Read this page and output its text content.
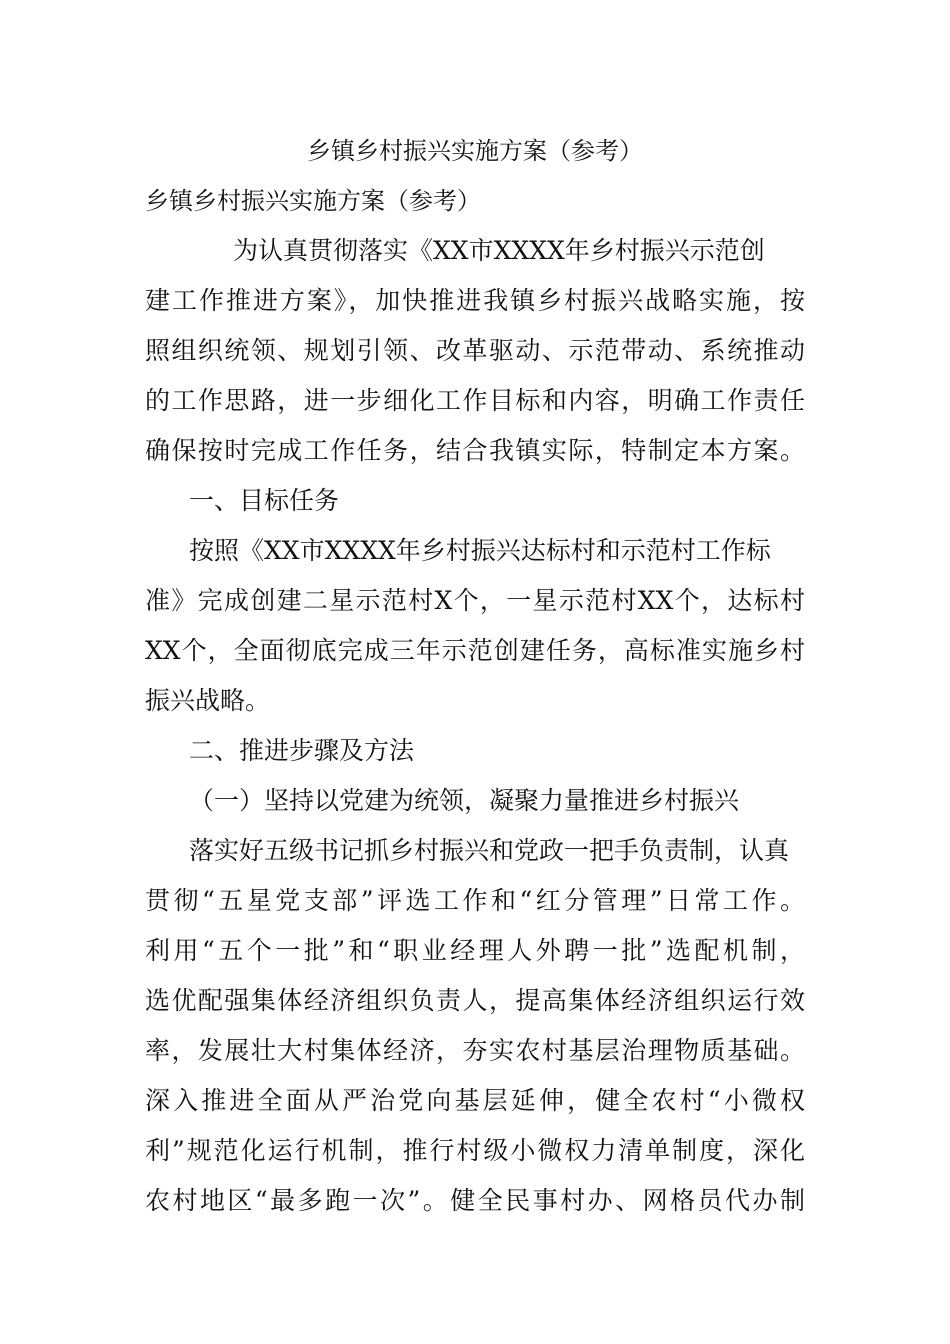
乡镇乡村振兴实施方案（参考）
乡镇乡村振兴实施方案（参考）
为认真贯彻落实《XX市XXXX年乡村振兴示范创
建工作推进方案》，加快推进我镇乡村振兴战略实施，按
照组织统领、规划引领、改革驱动、示范带动、系统推动
的工作思路，进一步细化工作目标和内容，明确工作责任
确保按时完成工作任务，结合我镇实际，特制定本方案。
一、目标任务
按照《XX市XXXX年乡村振兴达标村和示范村工作标
准》完成创建二星示范村X个，一星示范村XX个，达标村
XX个，全面彻底完成三年示范创建任务，高标准实施乡村
振兴战略。
二、推进步骤及方法
（一）坚持以党建为统领，凝聚力量推进乡村振兴
落实好五级书记抓乡村振兴和党政一把手负责制，认真
贯彻“五星党支部”评选工作和“红分管理”日常工作。
利用“五个一批”和“职业经理人外聘一批”选配机制，
选优配强集体经济组织负责人，提高集体经济组织运行效
率，发展壮大村集体经济，夯实农村基层治理物质基础。
深入推进全面从严治党向基层延伸，健全农村“小微权
利”规范化运行机制，推行村级小微权力清单制度，深化
农村地区“最多跑一次”。健全民事村办、网格员代办制
